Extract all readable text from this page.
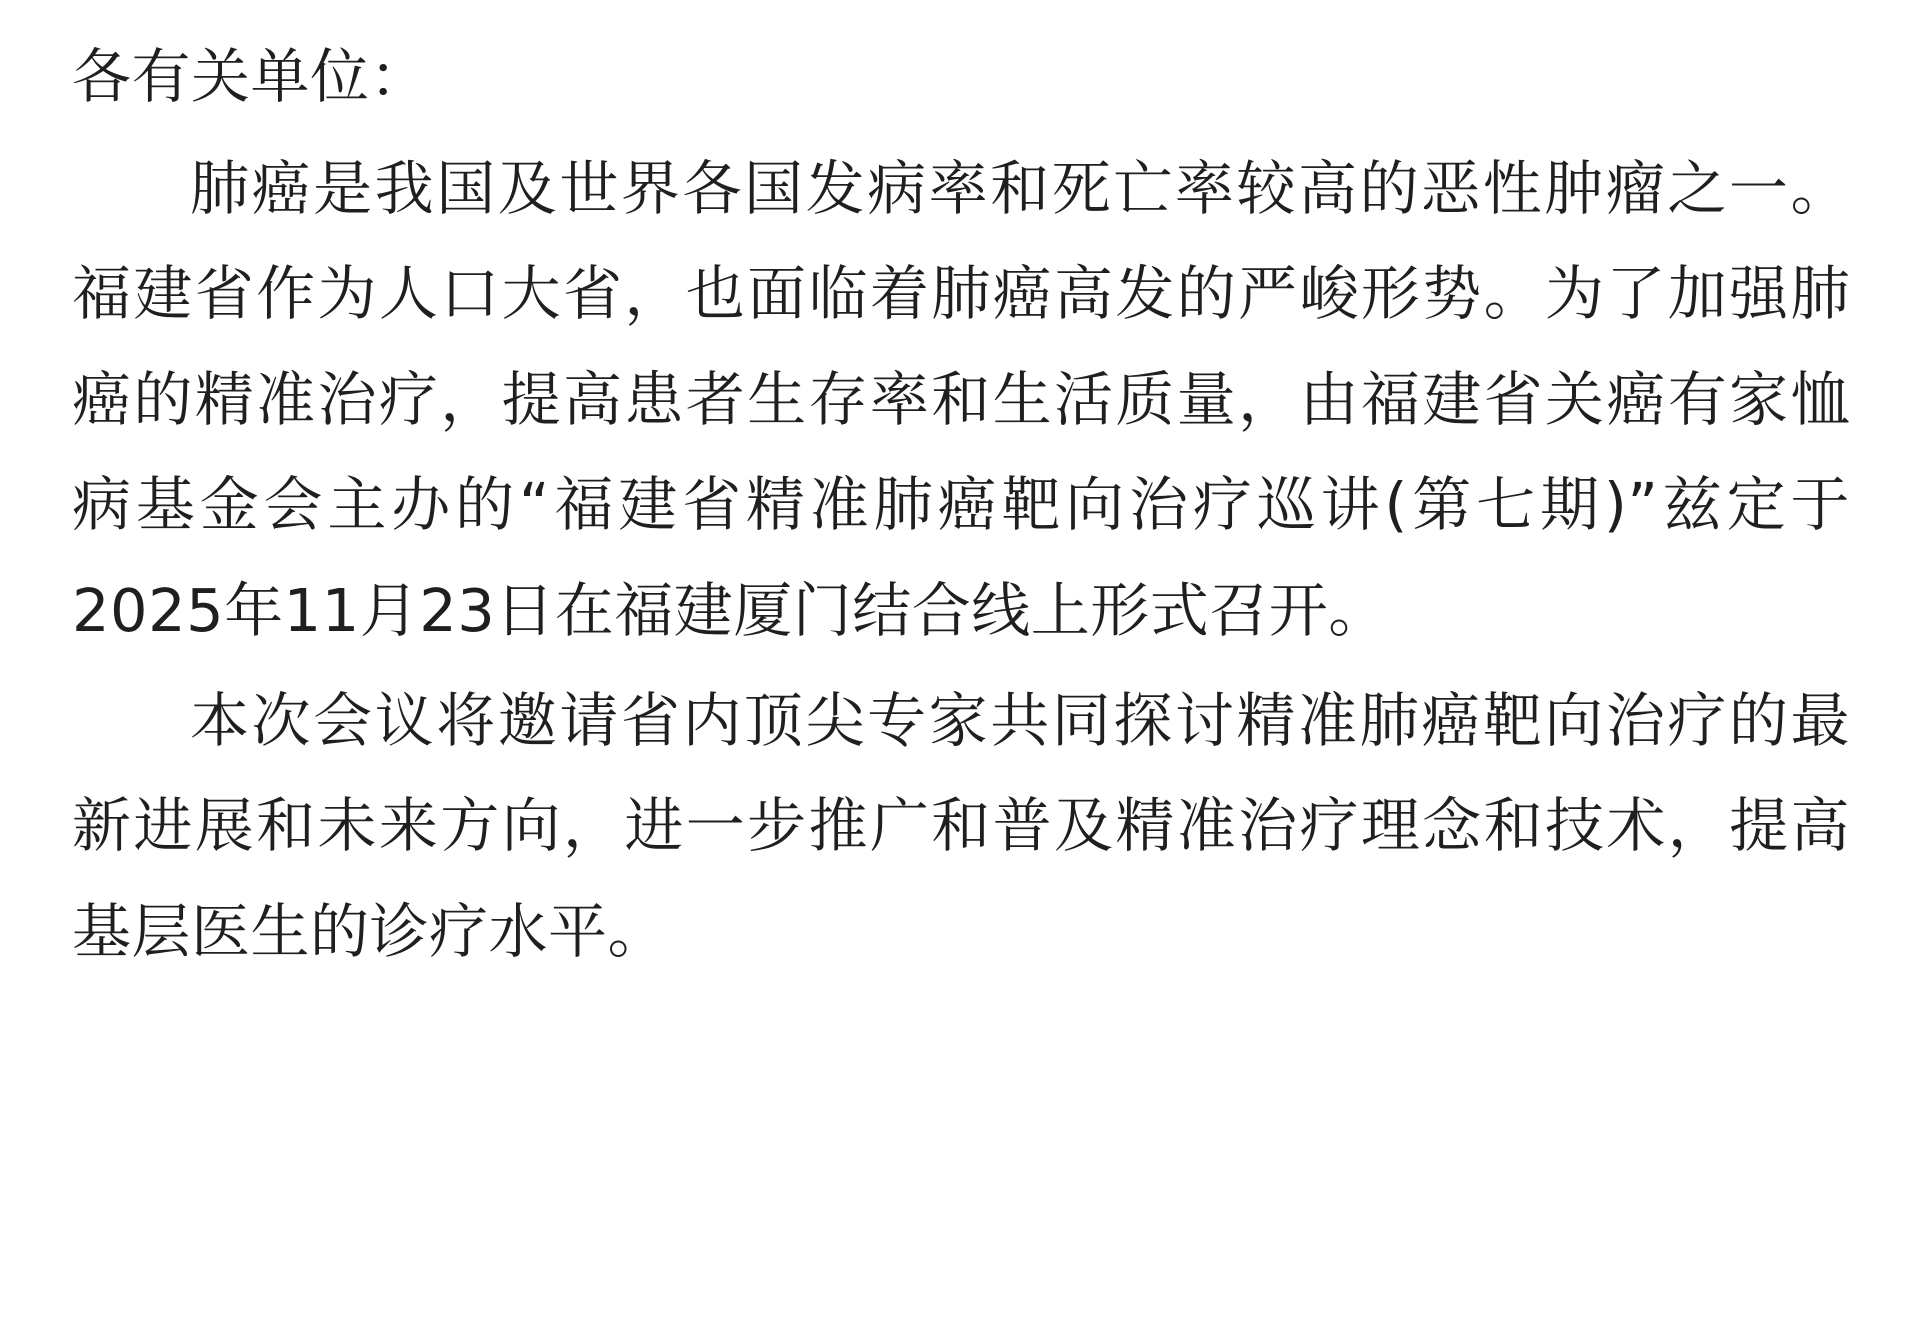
各有关单位：

肺癌是我国及世界各国发病率和死亡率较高的恶性肿瘤之一。福建省作为人口大省，也面临着肺癌高发的严峻形势。为了加强肺癌的精准治疗，提高患者生存率和生活质量，由福建省关癌有家恤病基金会主办的“福建省精准肺癌靶向治疗巡讲(第七期)”兹定于2025年11月23日在福建厦门结合线上形式召开。

本次会议将邀请省内顶尖专家共同探讨精准肺癌靶向治疗的最新进展和未来方向，进一步推广和普及精准治疗理念和技术，提高基层医生的诊疗水平。
